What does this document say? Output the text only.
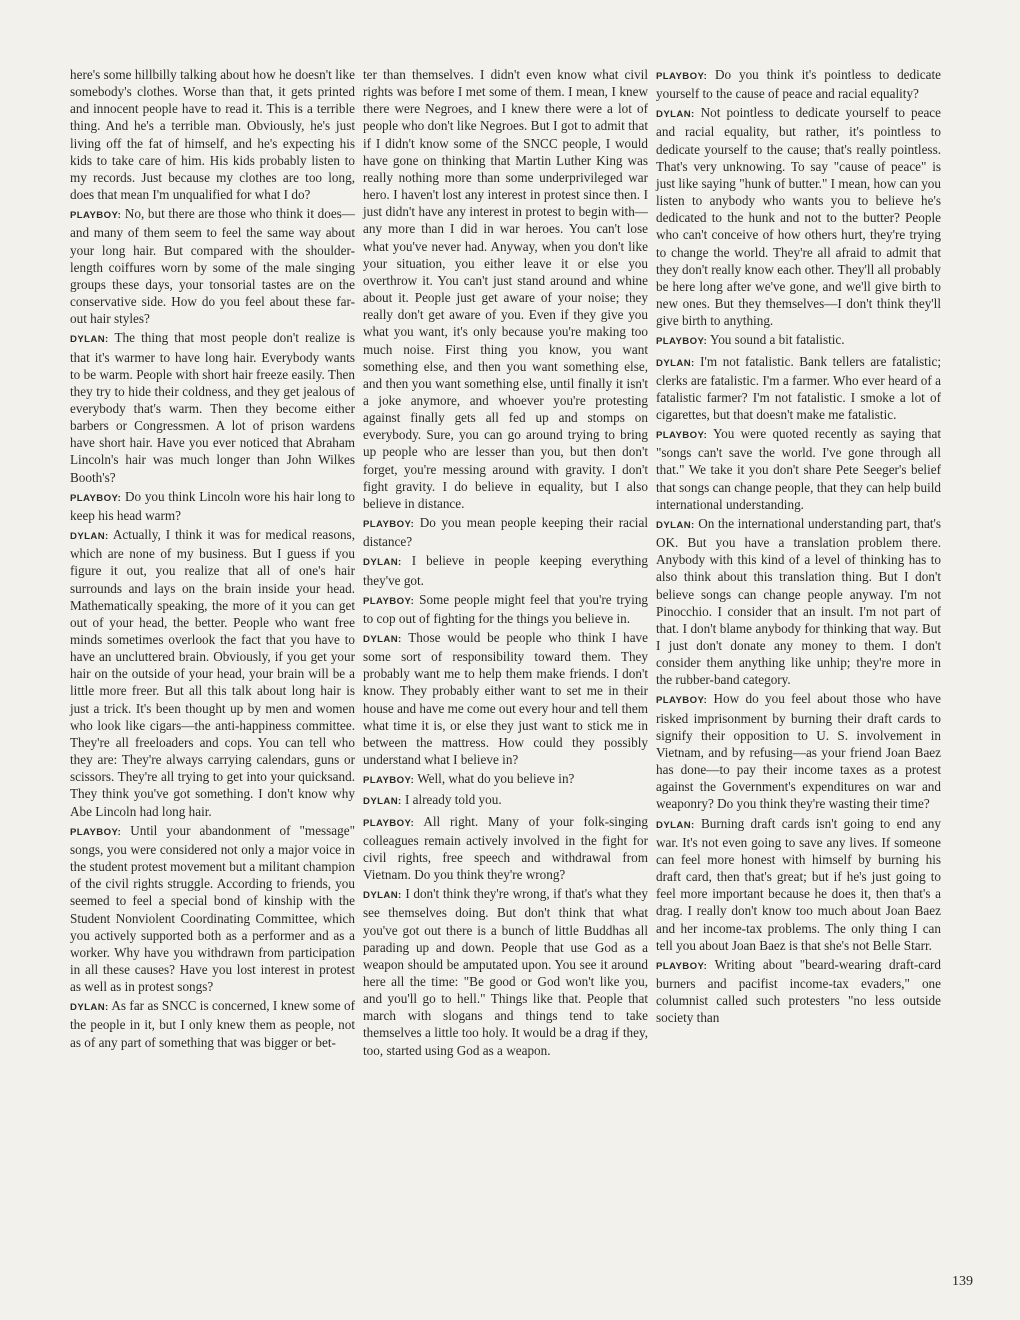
here's some hillbilly talking about how he doesn't like somebody's clothes. Worse than that, it gets printed and innocent people have to read it. This is a terrible thing. And he's a terrible man. Obviously, he's just living off the fat of himself, and he's expecting his kids to take care of him. His kids probably listen to my records. Just because my clothes are too long, does that mean I'm unqualified for what I do?

PLAYBOY: No, but there are those who think it does—and many of them seem to feel the same way about your long hair. But compared with the shoulder-length coiffures worn by some of the male singing groups these days, your tonsorial tastes are on the conservative side. How do you feel about these far-out hair styles?

DYLAN: The thing that most people don't realize is that it's warmer to have long hair. Everybody wants to be warm. People with short hair freeze easily. Then they try to hide their coldness, and they get jealous of everybody that's warm. Then they become either barbers or Congressmen. A lot of prison wardens have short hair. Have you ever noticed that Abraham Lincoln's hair was much longer than John Wilkes Booth's?

PLAYBOY: Do you think Lincoln wore his hair long to keep his head warm?

DYLAN: Actually, I think it was for medical reasons, which are none of my business. But I guess if you figure it out, you realize that all of one's hair surrounds and lays on the brain inside your head. Mathematically speaking, the more of it you can get out of your head, the better. People who want free minds sometimes overlook the fact that you have to have an uncluttered brain. Obviously, if you get your hair on the outside of your head, your brain will be a little more freer. But all this talk about long hair is just a trick. It's been thought up by men and women who look like cigars—the anti-happiness committee. They're all freeloaders and cops. You can tell who they are: They're always carrying calendars, guns or scissors. They're all trying to get into your quicksand. They think you've got something. I don't know why Abe Lincoln had long hair.

PLAYBOY: Until your abandonment of "message" songs, you were considered not only a major voice in the student protest movement but a militant champion of the civil rights struggle. According to friends, you seemed to feel a special bond of kinship with the Student Nonviolent Coordinating Committee, which you actively supported both as a performer and as a worker. Why have you withdrawn from participation in all these causes? Have you lost interest in protest as well as in protest songs?

DYLAN: As far as SNCC is concerned, I knew some of the people in it, but I only knew them as people, not as of any part of something that was bigger or bet-

ter than themselves. I didn't even know what civil rights was before I met some of them. I mean, I knew there were Negroes, and I knew there were a lot of people who don't like Negroes. But I got to admit that if I didn't know some of the SNCC people, I would have gone on thinking that Martin Luther King was really nothing more than some underprivileged war hero. I haven't lost any interest in protest since then. I just didn't have any interest in protest to begin with—any more than I did in war heroes. You can't lose what you've never had. Anyway, when you don't like your situation, you either leave it or else you overthrow it. You can't just stand around and whine about it. People just get aware of your noise; they really don't get aware of you. Even if they give you what you want, it's only because you're making too much noise. First thing you know, you want something else, and then you want something else, and then you want something else, until finally it isn't a joke anymore, and whoever you're protesting against finally gets all fed up and stomps on everybody. Sure, you can go around trying to bring up people who are lesser than you, but then don't forget, you're messing around with gravity. I don't fight gravity. I do believe in equality, but I also believe in distance.

PLAYBOY: Do you mean people keeping their racial distance?

DYLAN: I believe in people keeping everything they've got.

PLAYBOY: Some people might feel that you're trying to cop out of fighting for the things you believe in.

DYLAN: Those would be people who think I have some sort of responsibility toward them. They probably want me to help them make friends. I don't know. They probably either want to set me in their house and have me come out every hour and tell them what time it is, or else they just want to stick me in between the mattress. How could they possibly understand what I believe in?

PLAYBOY: Well, what do you believe in?

DYLAN: I already told you.

PLAYBOY: All right. Many of your folk-singing colleagues remain actively involved in the fight for civil rights, free speech and withdrawal from Vietnam. Do you think they're wrong?

DYLAN: I don't think they're wrong, if that's what they see themselves doing. But don't think that what you've got out there is a bunch of little Buddhas all parading up and down. People that use God as a weapon should be amputated upon. You see it around here all the time: "Be good or God won't like you, and you'll go to hell." Things like that. People that march with slogans and things tend to take themselves a little too holy. It would be a drag if they, too, started using God as a weapon.

PLAYBOY: Do you think it's pointless to dedicate yourself to the cause of peace and racial equality?

DYLAN: Not pointless to dedicate yourself to peace and racial equality, but rather, it's pointless to dedicate yourself to the cause; that's really pointless. That's very unknowing. To say "cause of peace" is just like saying "hunk of butter." I mean, how can you listen to anybody who wants you to believe he's dedicated to the hunk and not to the butter? People who can't conceive of how others hurt, they're trying to change the world. They're all afraid to admit that they don't really know each other. They'll all probably be here long after we've gone, and we'll give birth to new ones. But they themselves—I don't think they'll give birth to anything.

PLAYBOY: You sound a bit fatalistic.

DYLAN: I'm not fatalistic. Bank tellers are fatalistic; clerks are fatalistic. I'm a farmer. Who ever heard of a fatalistic farmer? I'm not fatalistic. I smoke a lot of cigarettes, but that doesn't make me fatalistic.

PLAYBOY: You were quoted recently as saying that "songs can't save the world. I've gone through all that." We take it you don't share Pete Seeger's belief that songs can change people, that they can help build international understanding.

DYLAN: On the international understanding part, that's OK. But you have a translation problem there. Anybody with this kind of a level of thinking has to also think about this translation thing. But I don't believe songs can change people anyway. I'm not Pinocchio. I consider that an insult. I'm not part of that. I don't blame anybody for thinking that way. But I just don't donate any money to them. I don't consider them anything like unhip; they're more in the rubber-band category.

PLAYBOY: How do you feel about those who have risked imprisonment by burning their draft cards to signify their opposition to U. S. involvement in Vietnam, and by refusing—as your friend Joan Baez has done—to pay their income taxes as a protest against the Government's expenditures on war and weaponry? Do you think they're wasting their time?

DYLAN: Burning draft cards isn't going to end any war. It's not even going to save any lives. If someone can feel more honest with himself by burning his draft card, then that's great; but if he's just going to feel more important because he does it, then that's a drag. I really don't know too much about Joan Baez and her income-tax problems. The only thing I can tell you about Joan Baez is that she's not Belle Starr.

PLAYBOY: Writing about "beard-wearing draft-card burners and pacifist income-tax evaders," one columnist called such protesters "no less outside society than

139
